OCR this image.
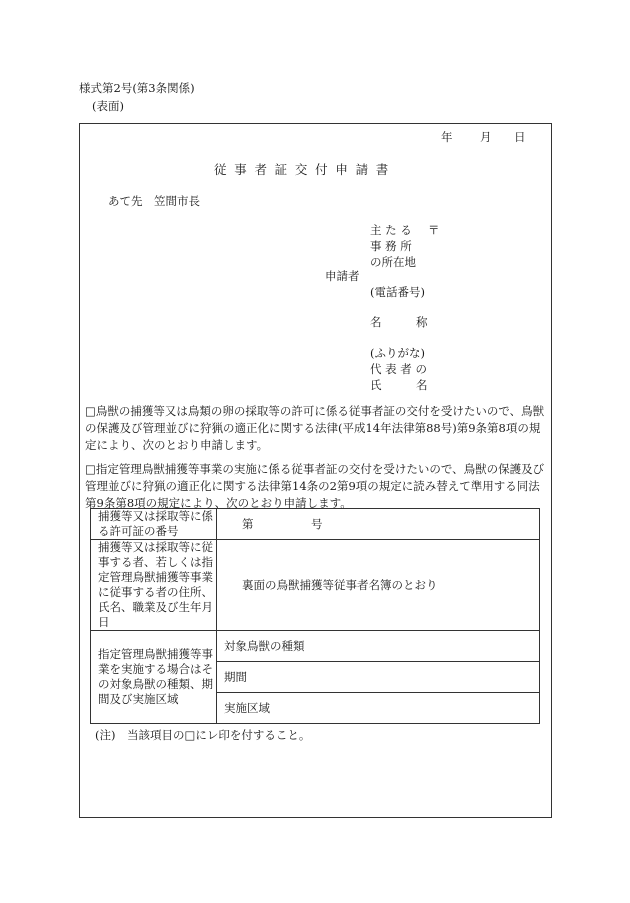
様式第2号(第3条関係)
(表面)
年 月 日
従 事 者 証 交 付 申 請 書
あて先　笠間市長
主 た る 〒
事 務 所
の所在地
申請者
(電話番号)
名　　　称
(ふりがな)
代 表 者 の
氏　　　名
□鳥獣の捕獲等又は鳥類の卵の採取等の許可に係る従事者証の交付を受けたいので、鳥獣の保護及び管理並びに狩猟の適正化に関する法律(平成14年法律第88号)第9条第8項の規定により、次のとおり申請します。
□指定管理鳥獣捕獲等事業の実施に係る従事者証の交付を受けたいので、鳥獣の保護及び管理並びに狩猟の適正化に関する法律第14条の2第9項の規定に読み替えて準用する同法第9条第8項の規定により、次のとおり申請します。
捕獲等又は採取等に係る許可証の番号	第　　　　　号
捕獲等又は採取等に従事する者、若しくは指定管理鳥獣捕獲等事業に従事する者の住所、氏名、職業及び生年月日	裏面の鳥獣捕獲等従事者名簿のとおり
指定管理鳥獣捕獲等事業を実施する場合はその対象鳥獣の種類、期間及び実施区域	対象鳥獣の種類
	期間
	実施区域
(注)　当該項目の□にレ印を付すること。
